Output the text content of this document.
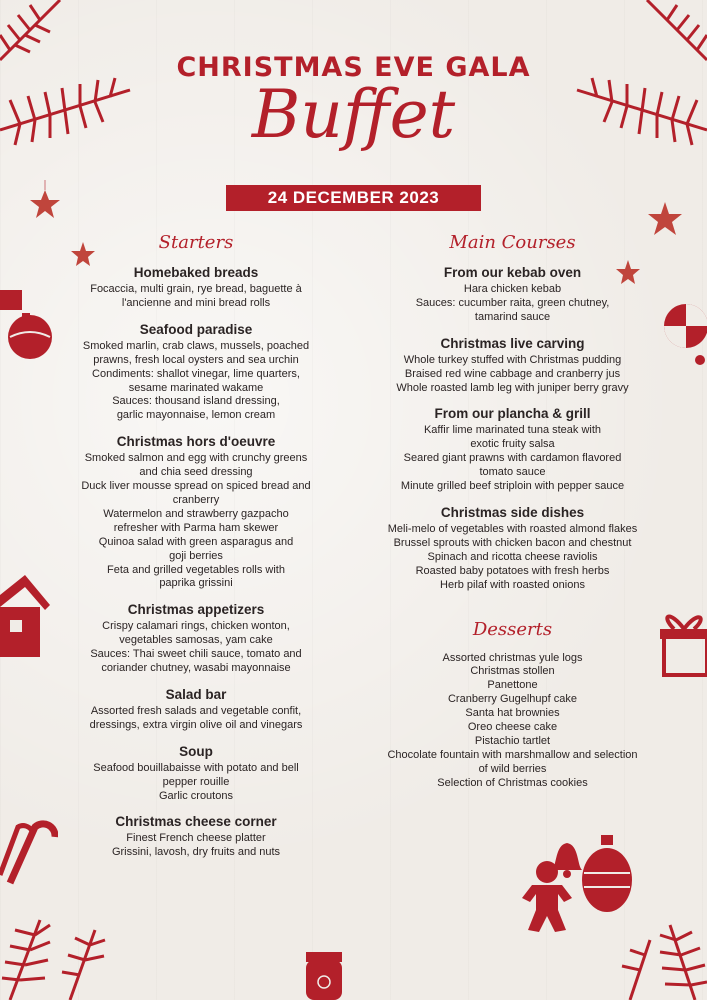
CHRISTMAS EVE GALA
Buffet
24 DECEMBER 2023
Starters
Homebaked breads
Focaccia, multi grain, rye bread, baguette à
l'ancienne and mini bread rolls
Seafood paradise
Smoked marlin, crab claws, mussels, poached
prawns, fresh local oysters and sea urchin
Condiments: shallot vinegar, lime quarters,
sesame marinated wakame
Sauces: thousand island dressing,
garlic mayonnaise, lemon cream
Christmas hors d'oeuvre
Smoked salmon and egg with crunchy greens
and chia seed dressing
Duck liver mousse spread on spiced bread and
cranberry
Watermelon and strawberry gazpacho
refresher with Parma ham skewer
Quinoa salad with green asparagus and
goji berries
Feta and grilled vegetables rolls with
paprika grissini
Christmas appetizers
Crispy calamari rings, chicken wonton,
vegetables samosas, yam cake
Sauces: Thai sweet chili sauce, tomato and
coriander chutney, wasabi mayonnaise
Salad bar
Assorted fresh salads and vegetable confit,
dressings, extra virgin olive oil and vinegars
Soup
Seafood bouillabaisse with potato and bell
pepper rouille
Garlic croutons
Christmas cheese corner
Finest French cheese platter
Grissini, lavosh, dry fruits and nuts
Main Courses
From our kebab oven
Hara chicken kebab
Sauces: cucumber raita, green chutney,
tamarind sauce
Christmas live carving
Whole turkey stuffed with Christmas pudding
Braised red wine cabbage and cranberry jus
Whole roasted lamb leg with juniper berry gravy
From our plancha & grill
Kaffir lime marinated tuna steak with
exotic fruity salsa
Seared giant prawns with cardamon flavored
tomato sauce
Minute grilled beef striploin with pepper sauce
Christmas side dishes
Meli-melo of vegetables with roasted almond flakes
Brussel sprouts with chicken bacon and chestnut
Spinach and ricotta cheese raviolis
Roasted baby potatoes with fresh herbs
Herb pilaf with roasted onions
Desserts
Assorted christmas yule logs
Christmas stollen
Panettone
Cranberry Gugelhupf cake
Santa hat brownies
Oreo cheese cake
Pistachio tartlet
Chocolate fountain with marshmallow and selection
of wild berries
Selection of Christmas cookies
